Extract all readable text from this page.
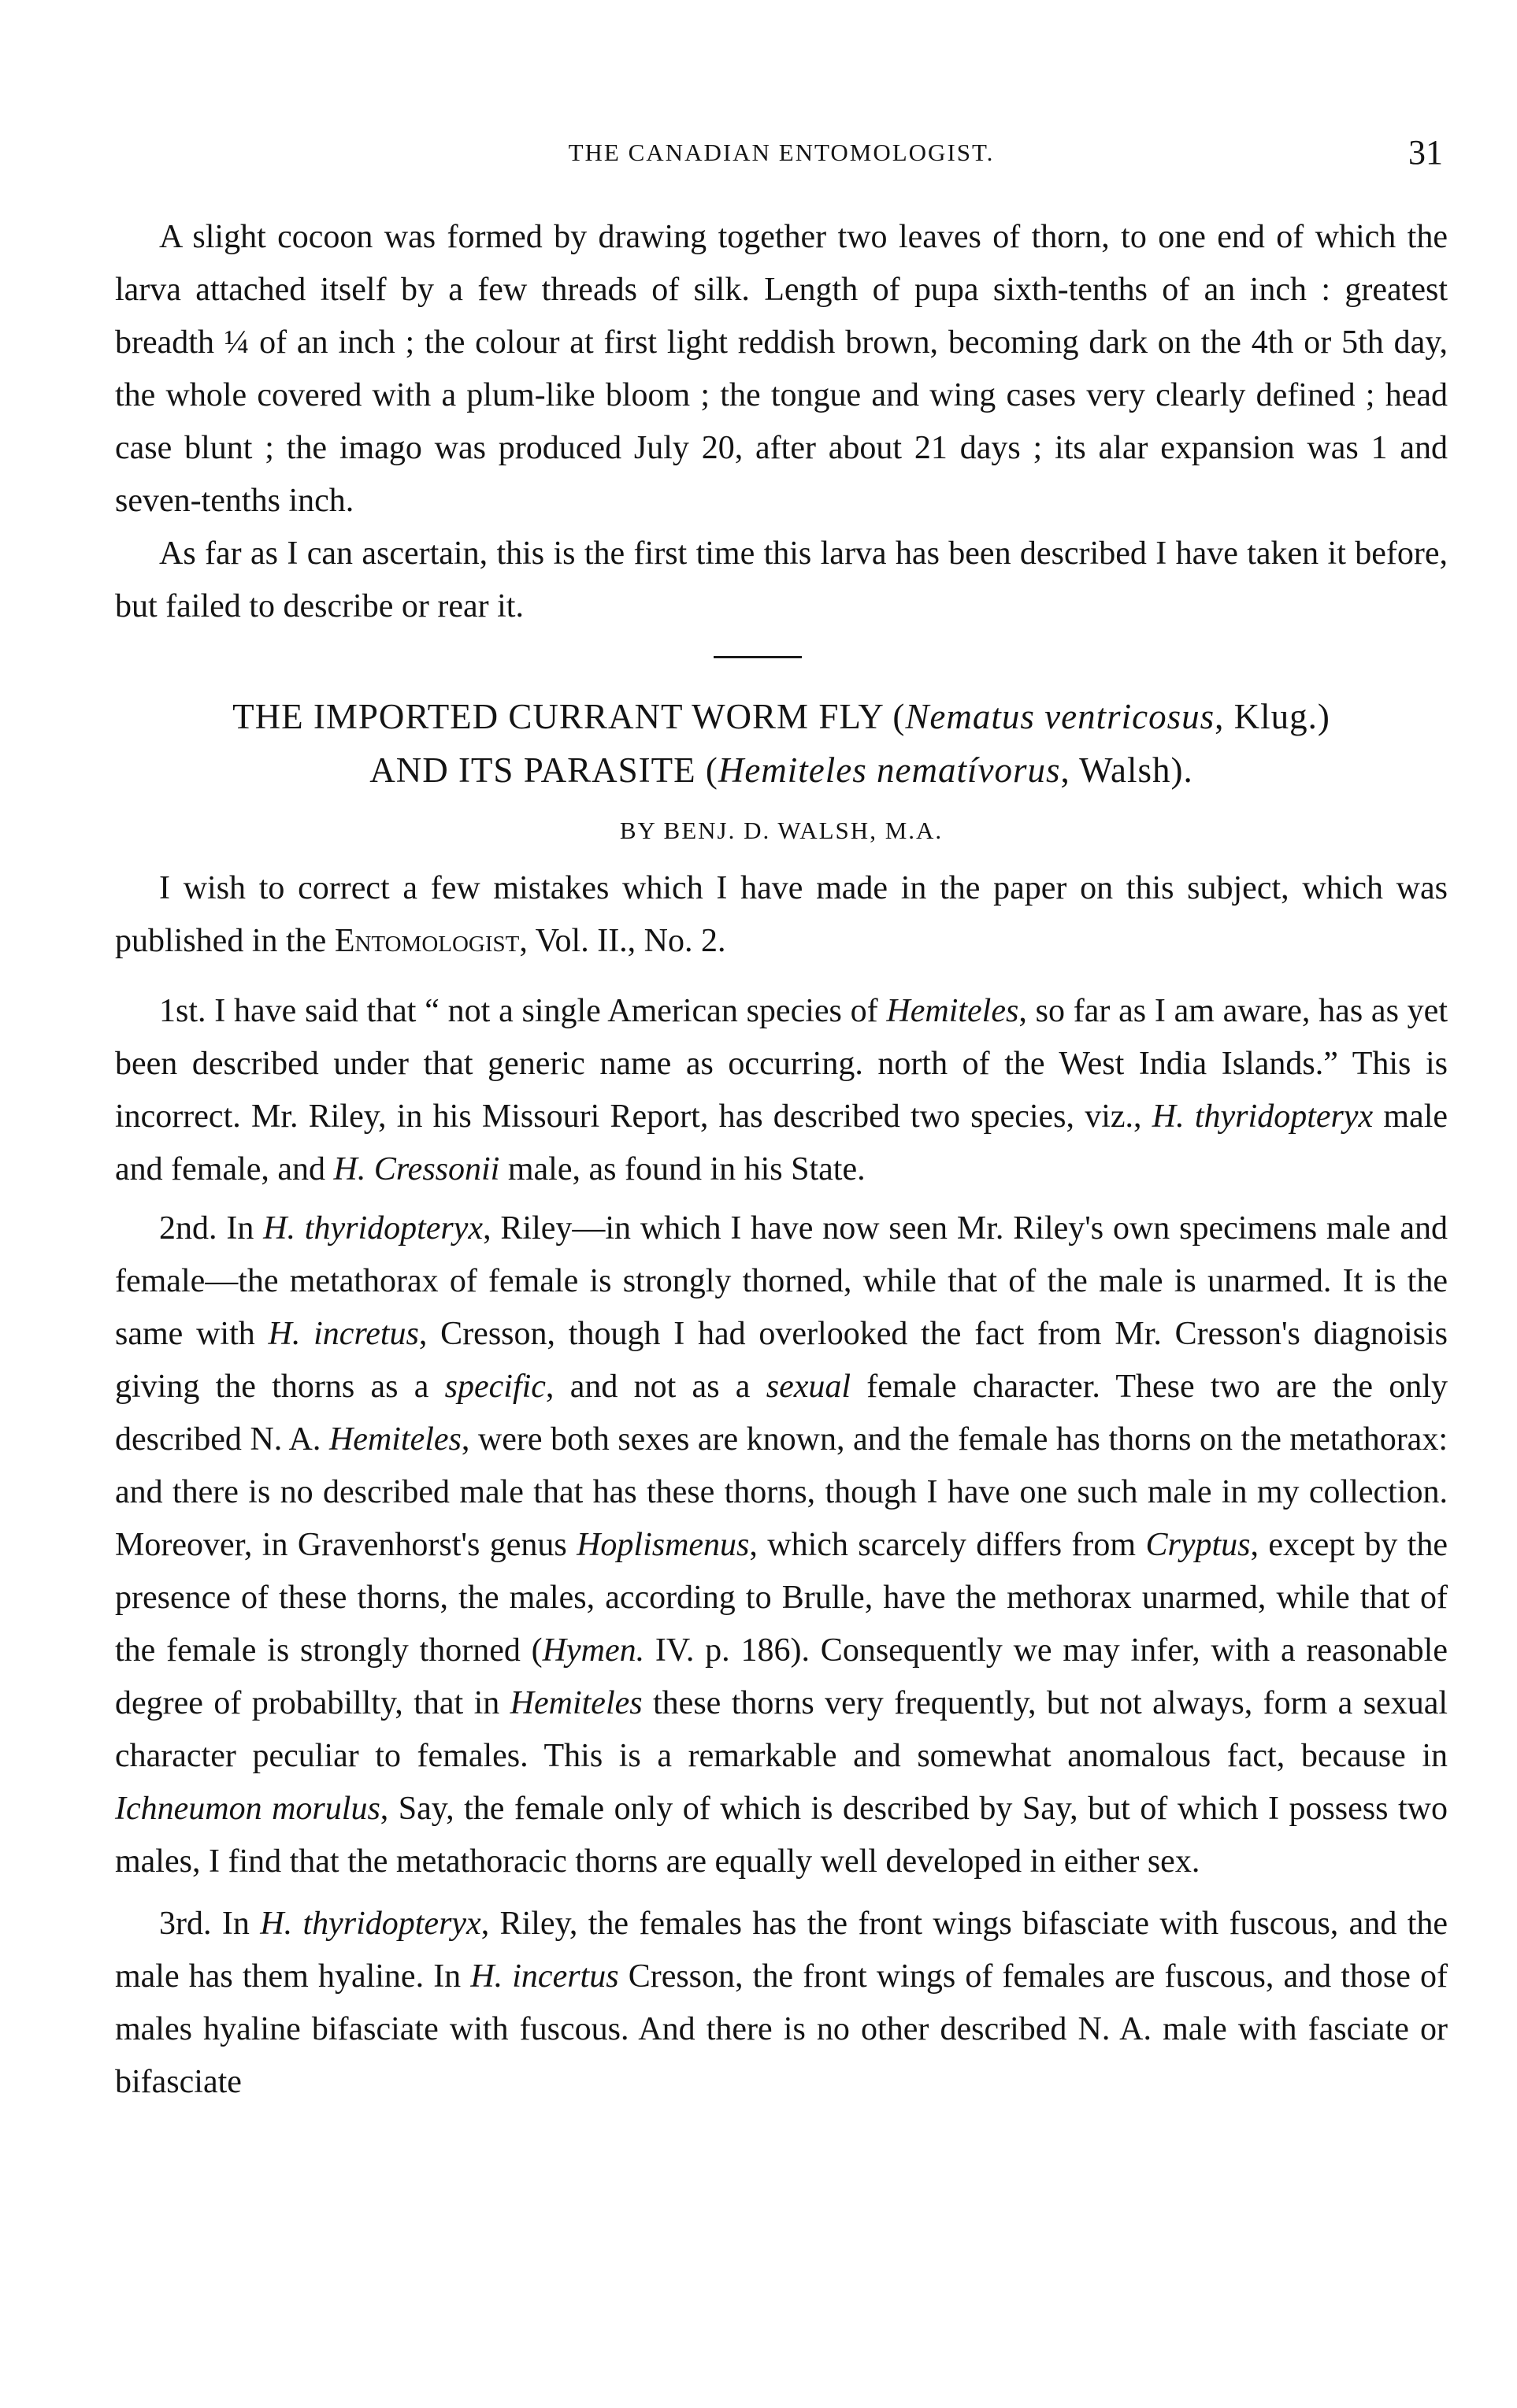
THE CANADIAN ENTOMOLOGIST.	31

A slight cocoon was formed by drawing together two leaves of thorn, to one end of which the larva attached itself by a few threads of silk. Length of pupa sixth-tenths of an inch : greatest breadth ¼ of an inch ; the colour at first light reddish brown, becoming dark on the 4th or 5th day, the whole covered with a plum-like bloom ; the tongue and wing cases very clearly defined ; head case blunt ; the imago was produced July 20, after about 21 days ; its alar expansion was 1 and seven-tenths inch.

As far as I can ascertain, this is the first time this larva has been described I have taken it before, but failed to describe or rear it.

THE IMPORTED CURRANT WORM FLY (Nematus ventricosus, Klug.)
AND ITS PARASITE (Hemiteles nematívorus, Walsh).
BY BENJ. D. WALSH, M.A.

I wish to correct a few mistakes which I have made in the paper on this subject, which was published in the Entomologist, Vol. II., No. 2.

1st. I have said that “ not a single American species of Hemiteles, so far as I am aware, has as yet been described under that generic name as occurring. north of the West India Islands.” This is incorrect. Mr. Riley, in his Missouri Report, has described two species, viz., H. thyridopteryx male and female, and H. Cressonii male, as found in his State.

2nd. In H. thyridopteryx, Riley—in which I have now seen Mr. Riley's own specimens male and female—the metathorax of female is strongly thorned, while that of the male is unarmed. It is the same with H. incretus, Cresson, though I had overlooked the fact from Mr. Cresson's diagnoisis giving the thorns as a specific, and not as a sexual female character. These two are the only described N. A. Hemiteles, were both sexes are known, and the female has thorns on the metathorax: and there is no described male that has these thorns, though I have one such male in my collection. Moreover, in Gravenhorst's genus Hoplismenus, which scarcely differs from Cryptus, except by the presence of these thorns, the males, according to Brulle, have the methorax unarmed, while that of the female is strongly thorned (Hymen. IV. p. 186). Consequently we may infer, with a reasonable degree of probabillty, that in Hemiteles these thorns very frequently, but not always, form a sexual character peculiar to females. This is a remarkable and somewhat anomalous fact, because in Ichneumon morulus, Say, the female only of which is described by Say, but of which I possess two males, I find that the metathoracic thorns are equally well developed in either sex.

3rd. In H. thyridopteryx, Riley, the females has the front wings bifasciate with fuscous, and the male has them hyaline. In H. incertus Cresson, the front wings of females are fuscous, and those of males hyaline bifasciate with fuscous. And there is no other described N. A. male with fasciate or bifasciate
